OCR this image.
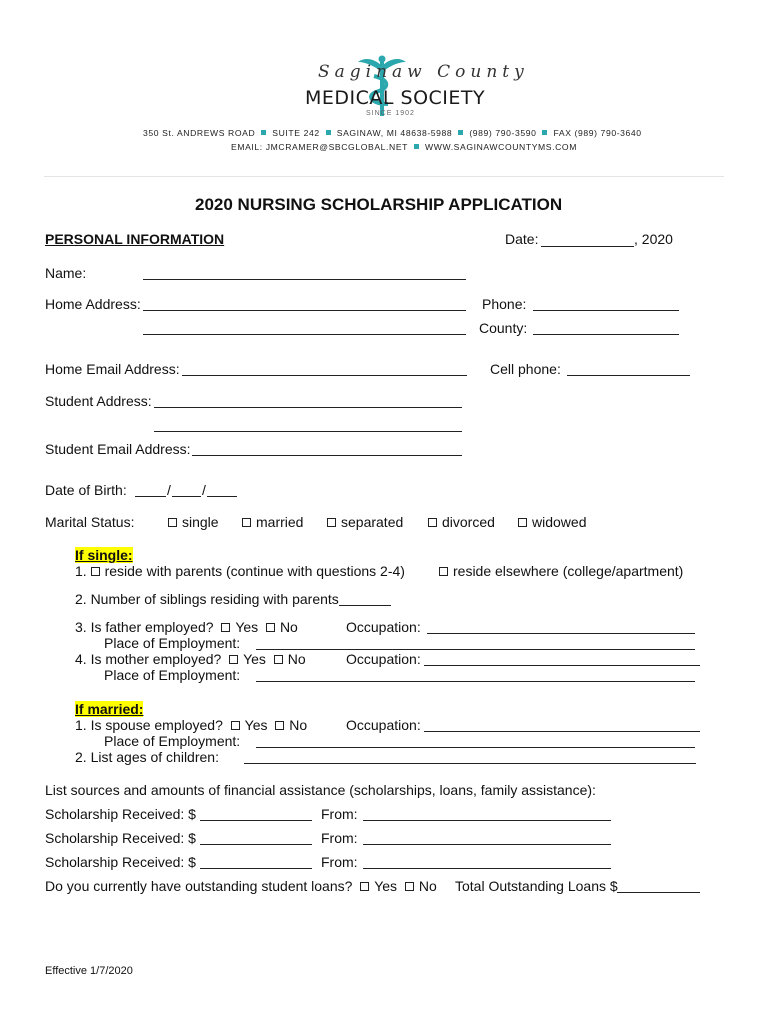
Saginaw County
MEDICAL SOCIETY
SINCE 1902
350 St. ANDREWS ROAD SUITE 242 SAGINAW, MI 48638-5988 (989) 790-3590 FAX (989) 790-3640
EMAIL: JMCRAMER@SBCGLOBAL.NET WWW.SAGINAWCOUNTYMS.COM
2020 NURSING SCHOLARSHIP APPLICATION
PERSONAL INFORMATION	Date:	, 2020
Name:
Home Address:	Phone:
County:
Home Email Address:	Cell phone:
Student Address:
Student Email Address:
Date of Birth:	/ /
Marital Status:	single	married	separated	divorced	widowed
If single:
1. reside with parents (continue with questions 2-4)	reside elsewhere (college/apartment)
2. Number of siblings residing with parents
3. Is father employed? Yes No	Occupation:
Place of Employment:
4. Is mother employed? Yes No	Occupation:
Place of Employment:
If married:
1. Is spouse employed? Yes No	Occupation:
Place of Employment:
2. List ages of children:
List sources and amounts of financial assistance (scholarships, loans, family assistance):
Scholarship Received: $	From:
Scholarship Received: $	From:
Scholarship Received: $	From:
Do you currently have outstanding student loans? Yes No Total Outstanding Loans $
Effective 1/7/2020
